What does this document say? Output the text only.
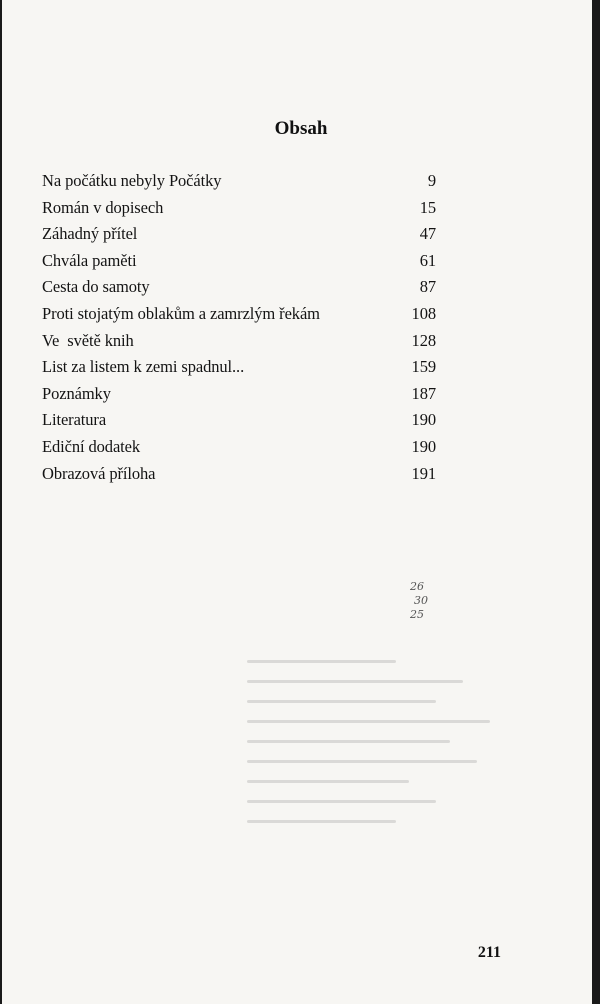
Obsah
Na počátku nebyly Počátky	9
Román v dopisech	15
Záhadný přítel	47
Chvála paměti	61
Cesta do samoty	87
Proti stojatým oblakům a zamrzlým řekám	108
Ve  světě knih	128
List za listem k zemi spadnul...	159
Poznámky	187
Literatura	190
Ediční dodatek	190
Obrazová příloha	191
26
30
25
211
